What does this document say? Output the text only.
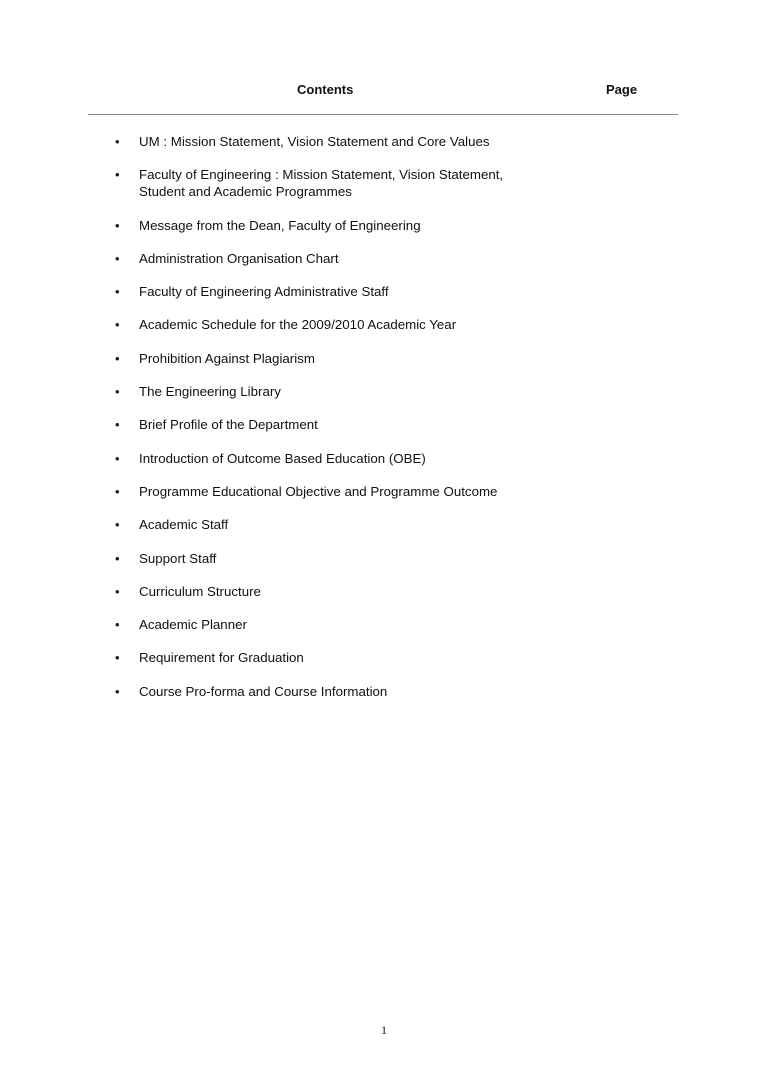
Contents	Page
• UM : Mission Statement, Vision Statement and Core Values
• Faculty of Engineering : Mission Statement, Vision Statement,
Student and Academic Programmes
• Message from the Dean, Faculty of Engineering
• Administration Organisation Chart
• Faculty of Engineering Administrative Staff
• Academic Schedule for the 2009/2010 Academic Year
• Prohibition Against Plagiarism
• The Engineering Library
• Brief Profile of the Department
• Introduction of Outcome Based Education (OBE)
• Programme Educational Objective and Programme Outcome
• Academic Staff
• Support Staff
• Curriculum Structure
• Academic Planner
• Requirement for Graduation
• Course Pro-forma and Course Information
1
